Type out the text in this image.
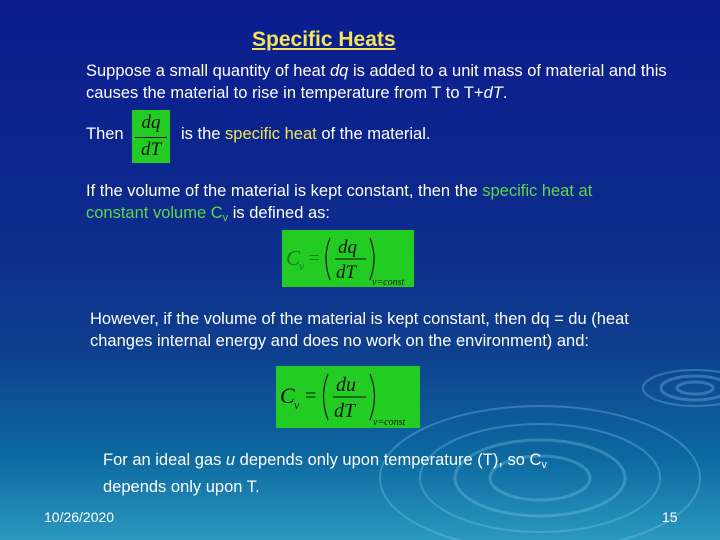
Specific Heats

Suppose a small quantity of heat dq is added to a unit mass of material and this causes the material to rise in temperature from T to T+dT.

Then
dq
dT

is the specific heat of the material.

If the volume of the material is kept constant, then the specific heat at constant volume $C_v$ is defined as:

C
v =
dq
dT v=const

However, if the volume of the material is kept constant, then dq = du (heat changes internal energy and does no work on the environment) and:

C v = du
dT
v=const

For an ideal gas u depends only upon temperature (T), so $C_v$ depends only upon T.

10/26/2020	15
